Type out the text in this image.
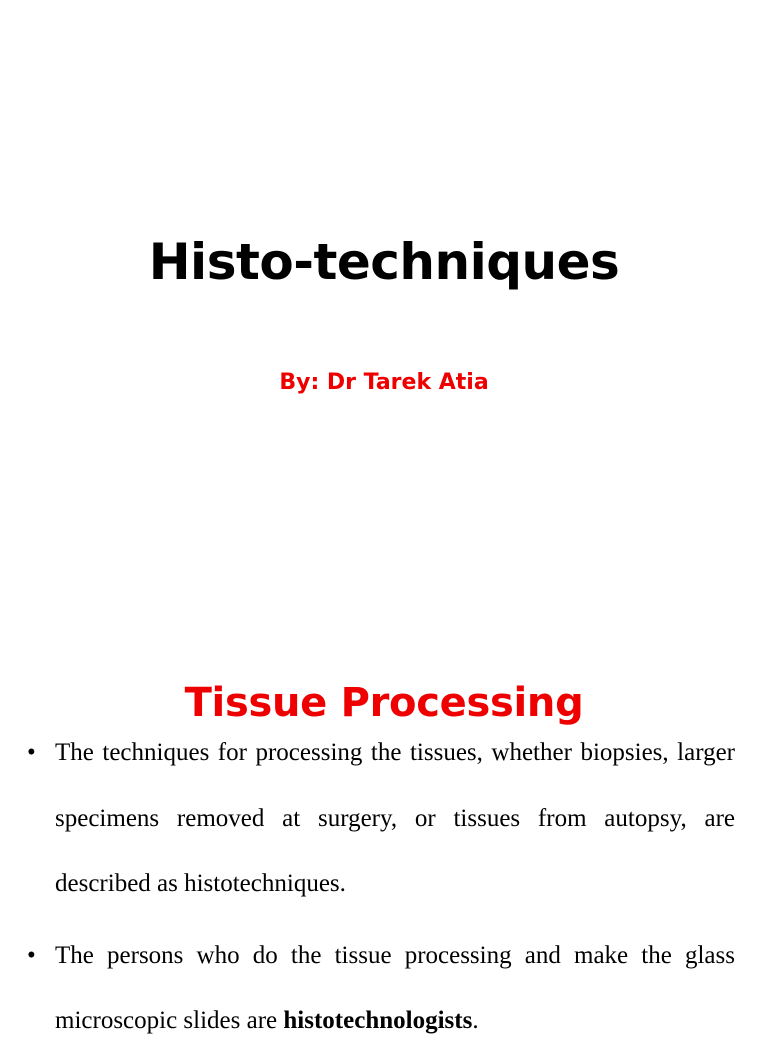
Histo-techniques
By: Dr Tarek Atia
Tissue Processing
• The techniques for processing the tissues, whether biopsies, larger specimens removed at surgery, or tissues from autopsy, are described as histotechniques.
• The persons who do the tissue processing and make the glass microscopic slides are histotechnologists.
